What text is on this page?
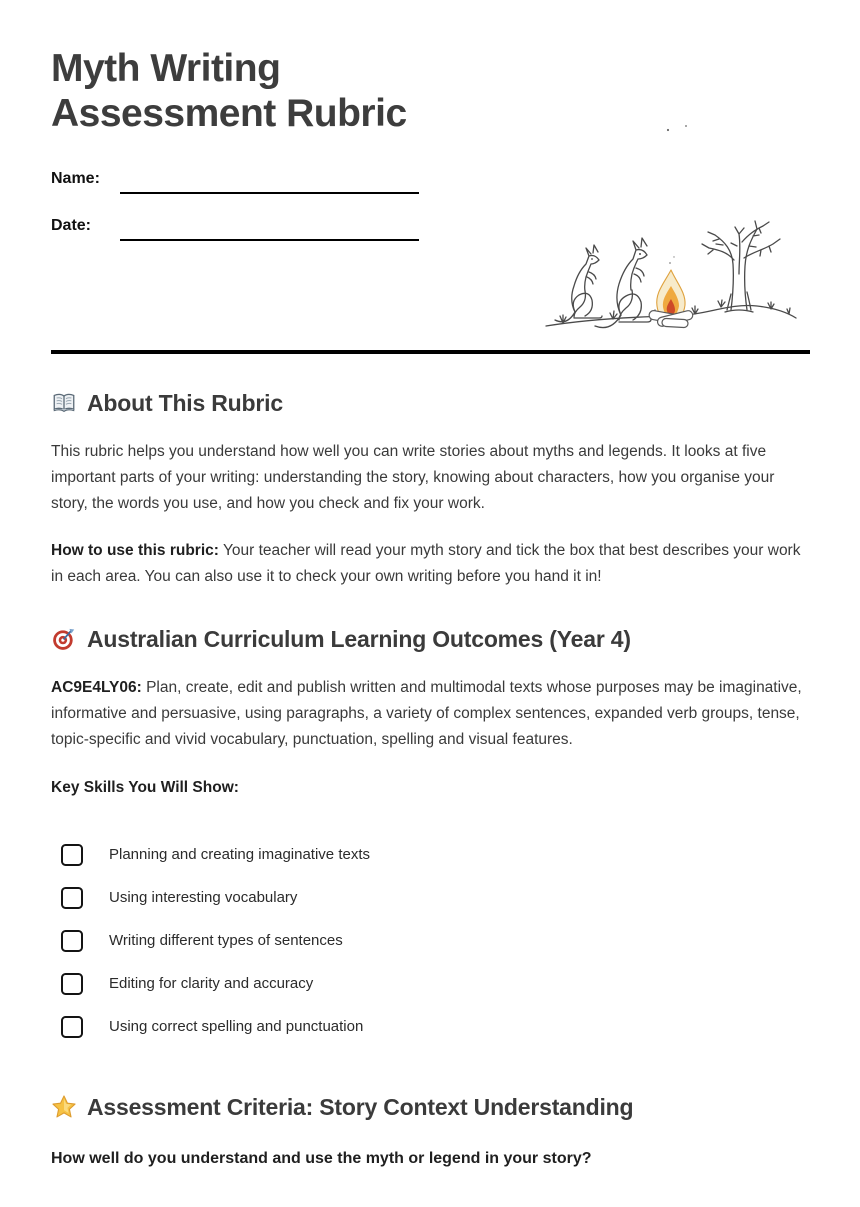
Myth Writing Assessment Rubric
Name:
Date:
About This Rubric

This rubric helps you understand how well you can write stories about myths and legends. It looks at five important parts of your writing: understanding the story, knowing about characters, how you organise your story, the words you use, and how you check and fix your work.

How to use this rubric: Your teacher will read your myth story and tick the box that best describes your work in each area. You can also use it to check your own writing before you hand it in!

Australian Curriculum Learning Outcomes (Year 4)

AC9E4LY06: Plan, create, edit and publish written and multimodal texts whose purposes may be imaginative, informative and persuasive, using paragraphs, a variety of complex sentences, expanded verb groups, tense, topic-specific and vivid vocabulary, punctuation, spelling and visual features.

Key Skills You Will Show:

Planning and creating imaginative texts
Using interesting vocabulary
Writing different types of sentences
Editing for clarity and accuracy
Using correct spelling and punctuation
Assessment Criteria: Story Context Understanding

How well do you understand and use the myth or legend in your story?
